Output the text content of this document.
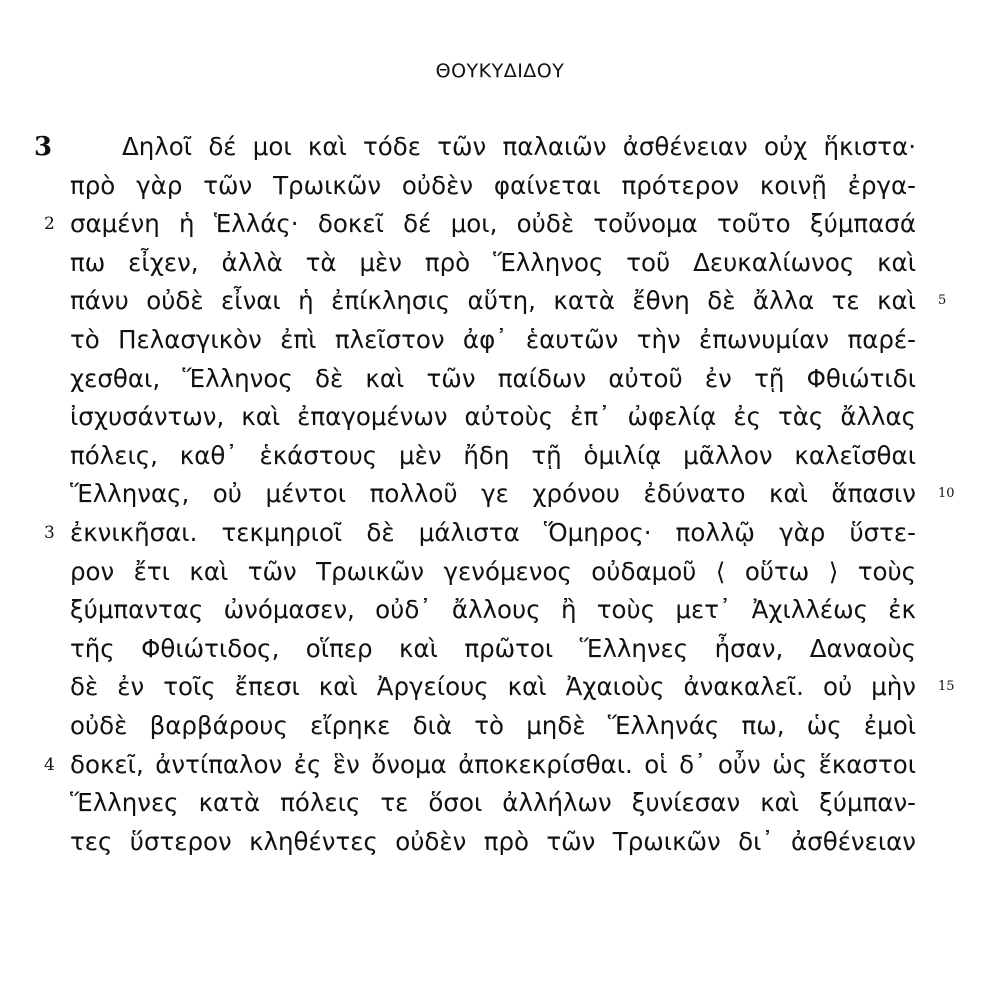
ΘΟΥΚΥΔΙΔΟΥ
3	Δηλοῖ δέ μοι καὶ τόδε τῶν παλαιῶν ἀσθένειαν οὐχ ἥκιστα·
πρὸ γὰρ τῶν Τρωικῶν οὐδὲν φαίνεται πρότερον κοινῇ ἐργα-
2 σαμένη ἡ Ἑλλάς· δοκεῖ δέ μοι, οὐδὲ τοὔνομα τοῦτο ξύμπασά
πω εἶχεν, ἀλλὰ τὰ μὲν πρὸ Ἕλληνος τοῦ Δευκαλίωνος καὶ
πάνυ οὐδὲ εἶναι ἡ ἐπίκλησις αὕτη, κατὰ ἔθνη δὲ ἄλλα τε καὶ 5
τὸ Πελασγικὸν ἐπὶ πλεῖστον ἀφ᾽ ἑαυτῶν τὴν ἐπωνυμίαν παρέ-
χεσθαι, Ἕλληνος δὲ καὶ τῶν παίδων αὐτοῦ ἐν τῇ Φθιώτιδι
ἰσχυσάντων, καὶ ἐπαγομένων αὐτοὺς ἐπ᾽ ὠφελίᾳ ἐς τὰς ἄλλας
πόλεις, καθ᾽ ἑκάστους μὲν ἤδη τῇ ὁμιλίᾳ μᾶλλον καλεῖσθαι
Ἕλληνας, οὐ μέντοι πολλοῦ γε χρόνου ἐδύνατο καὶ ἅπασιν 10
3 ἐκνικῆσαι. τεκμηριοῖ δὲ μάλιστα Ὅμηρος· πολλῷ γὰρ ὕστε-
ρον ἔτι καὶ τῶν Τρωικῶν γενόμενος οὐδαμοῦ ⟨ οὕτω ⟩ τοὺς
ξύμπαντας ὠνόμασεν, οὐδ᾽ ἄλλους ἢ τοὺς μετ᾽ Ἀχιλλέως ἐκ
τῆς Φθιώτιδος, οἵπερ καὶ πρῶτοι Ἕλληνες ἦσαν, Δαναοὺς
δὲ ἐν τοῖς ἔπεσι καὶ Ἀργείους καὶ Ἀχαιοὺς ἀνακαλεῖ. οὐ μὴν 15
οὐδὲ βαρβάρους εἴρηκε διὰ τὸ μηδὲ Ἕλληνάς πω, ὡς ἐμοὶ
4 δοκεῖ, ἀντίπαλον ἐς ἓν ὄνομα ἀποκεκρίσθαι. οἱ δ᾽ οὖν ὡς ἕκαστοι
Ἕλληνες κατὰ πόλεις τε ὅσοι ἀλλήλων ξυνίεσαν καὶ ξύμπαν-
τες ὕστερον κληθέντες οὐδὲν πρὸ τῶν Τρωικῶν δι᾽ ἀσθένειαν
